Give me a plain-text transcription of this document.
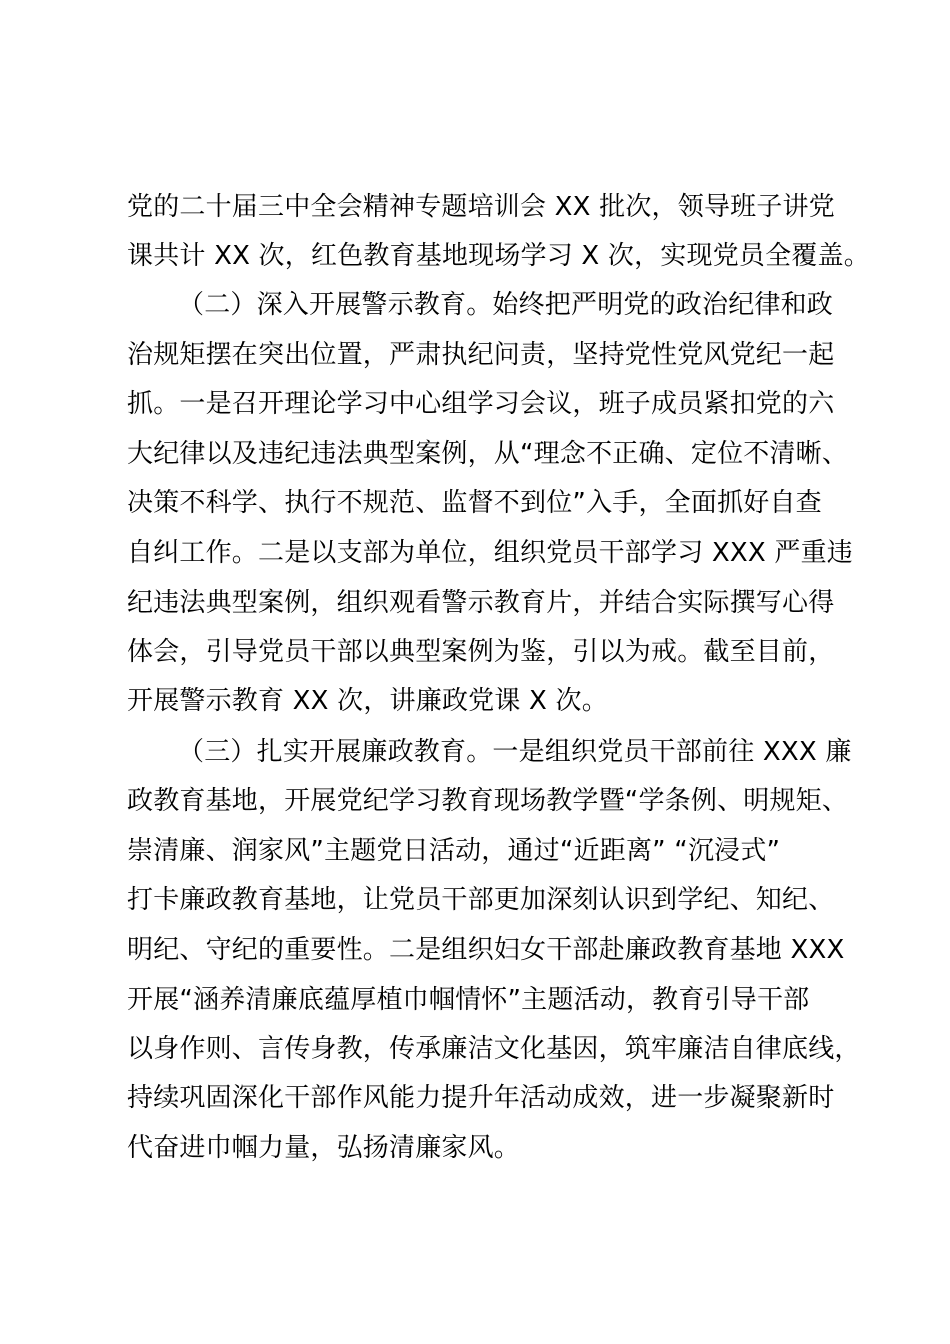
党的二十届三中全会精神专题培训会 XX 批次，领导班子讲党

课共计 XX 次，红色教育基地现场学习 X 次，实现党员全覆盖。

（二）深入开展警示教育。始终把严明党的政治纪律和政

治规矩摆在突出位置，严肃执纪问责，坚持党性党风党纪一起

抓。一是召开理论学习中心组学习会议，班子成员紧扣党的六

大纪律以及违纪违法典型案例，从“理念不正确、定位不清晰、

决策不科学、执行不规范、监督不到位”入手，全面抓好自查

自纠工作。二是以支部为单位，组织党员干部学习 XXX 严重违

纪违法典型案例，组织观看警示教育片，并结合实际撰写心得

体会，引导党员干部以典型案例为鉴，引以为戒。截至目前，

开展警示教育 XX 次，讲廉政党课 X 次。

（三）扎实开展廉政教育。一是组织党员干部前往 XXX 廉

政教育基地，开展党纪学习教育现场教学暨“学条例、明规矩、

崇清廉、润家风”主题党日活动，通过“近距离” “沉浸式”

打卡廉政教育基地，让党员干部更加深刻认识到学纪、知纪、

明纪、守纪的重要性。二是组织妇女干部赴廉政教育基地 XXX

开展“涵养清廉底蕴厚植巾帼情怀”主题活动，教育引导干部

以身作则、言传身教，传承廉洁文化基因，筑牢廉洁自律底线，

持续巩固深化干部作风能力提升年活动成效，进一步凝聚新时

代奋进巾帼力量，弘扬清廉家风。
